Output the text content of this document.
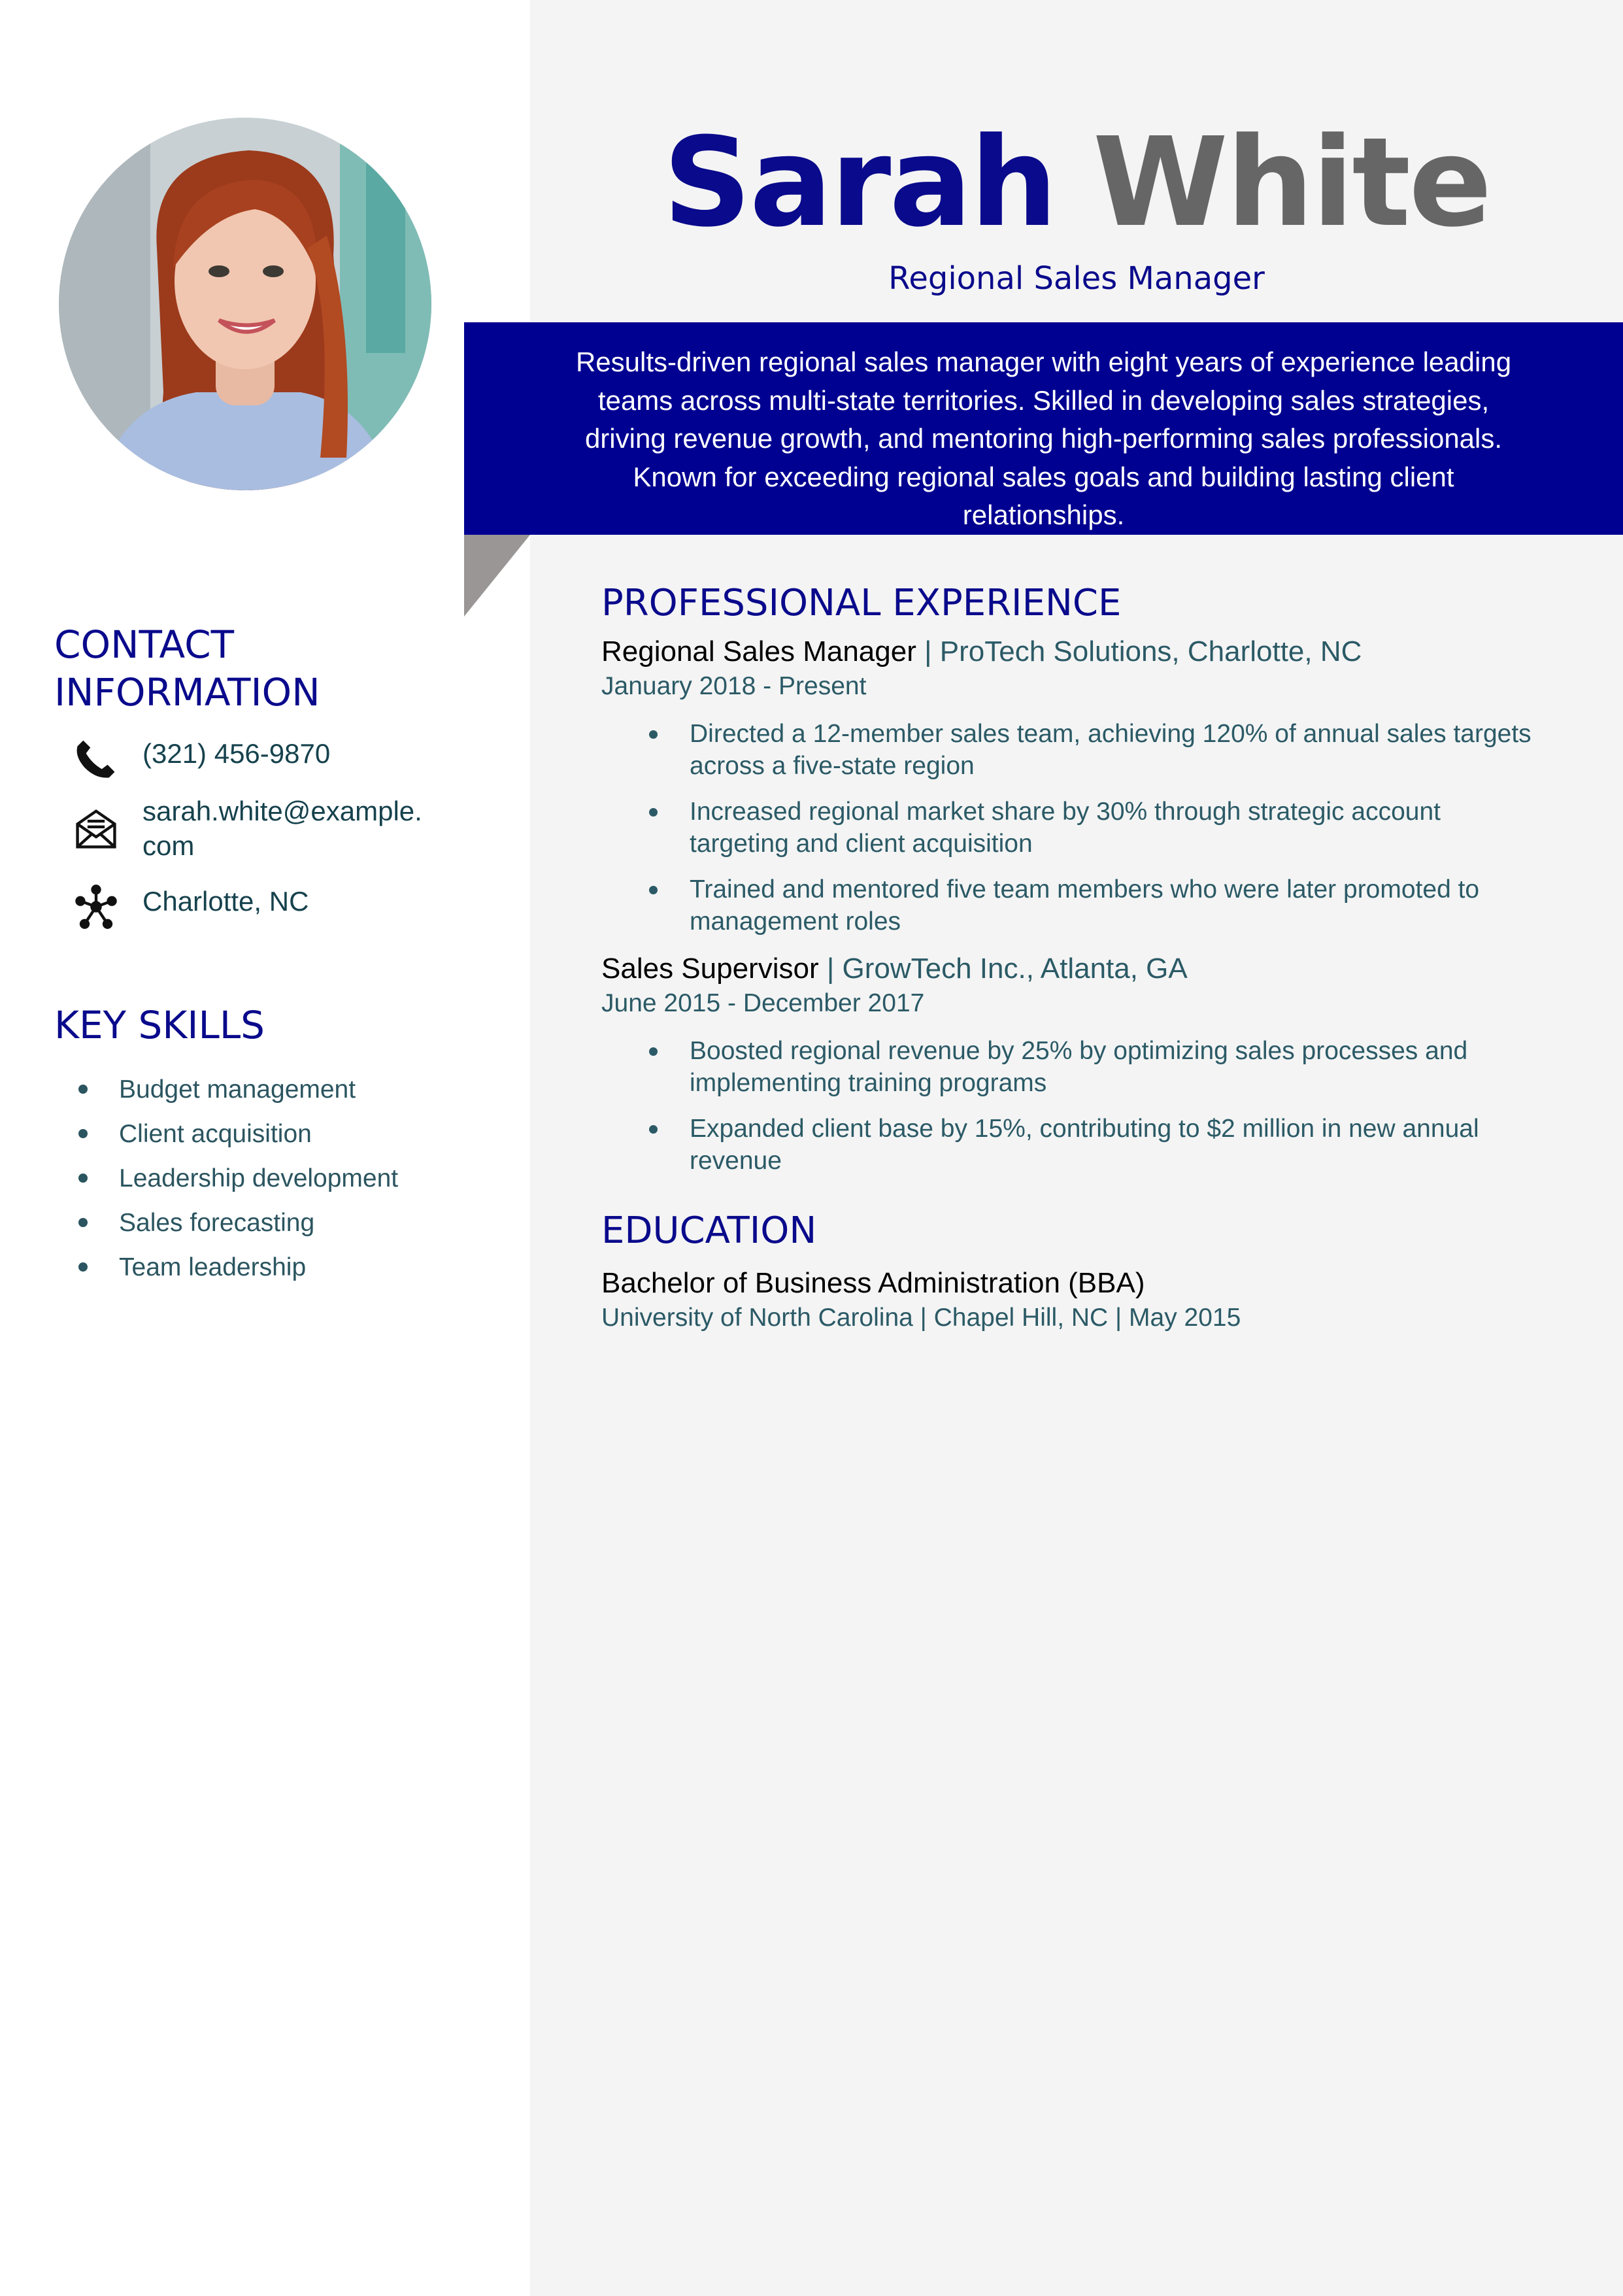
Sarah White
Regional Sales Manager

Results-driven regional sales manager with eight years of experience leading teams across multi-state territories. Skilled in developing sales strategies, driving revenue growth, and mentoring high-performing sales professionals. Known for exceeding regional sales goals and building lasting client relationships.

CONTACT
INFORMATION
(321) 456-9870
sarah.white@example.
com
Charlotte, NC
KEY SKILLS
Budget management
Client acquisition
Leadership development
Sales forecasting
Team leadership
PROFESSIONAL EXPERIENCE

Regional Sales Manager | ProTech Solutions, Charlotte, NC

January 2018 - Present

Directed a 12-member sales team, achieving 120% of annual sales targets across a five-state region
Increased regional market share by 30% through strategic account targeting and client acquisition
Trained and mentored five team members who were later promoted to management roles

Sales Supervisor | GrowTech Inc., Atlanta, GA

June 2015 - December 2017

Boosted regional revenue by 25% by optimizing sales processes and implementing training programs
Expanded client base by 15%, contributing to $2 million in new annual revenue
EDUCATION

Bachelor of Business Administration (BBA)

University of North Carolina | Chapel Hill, NC | May 2015
